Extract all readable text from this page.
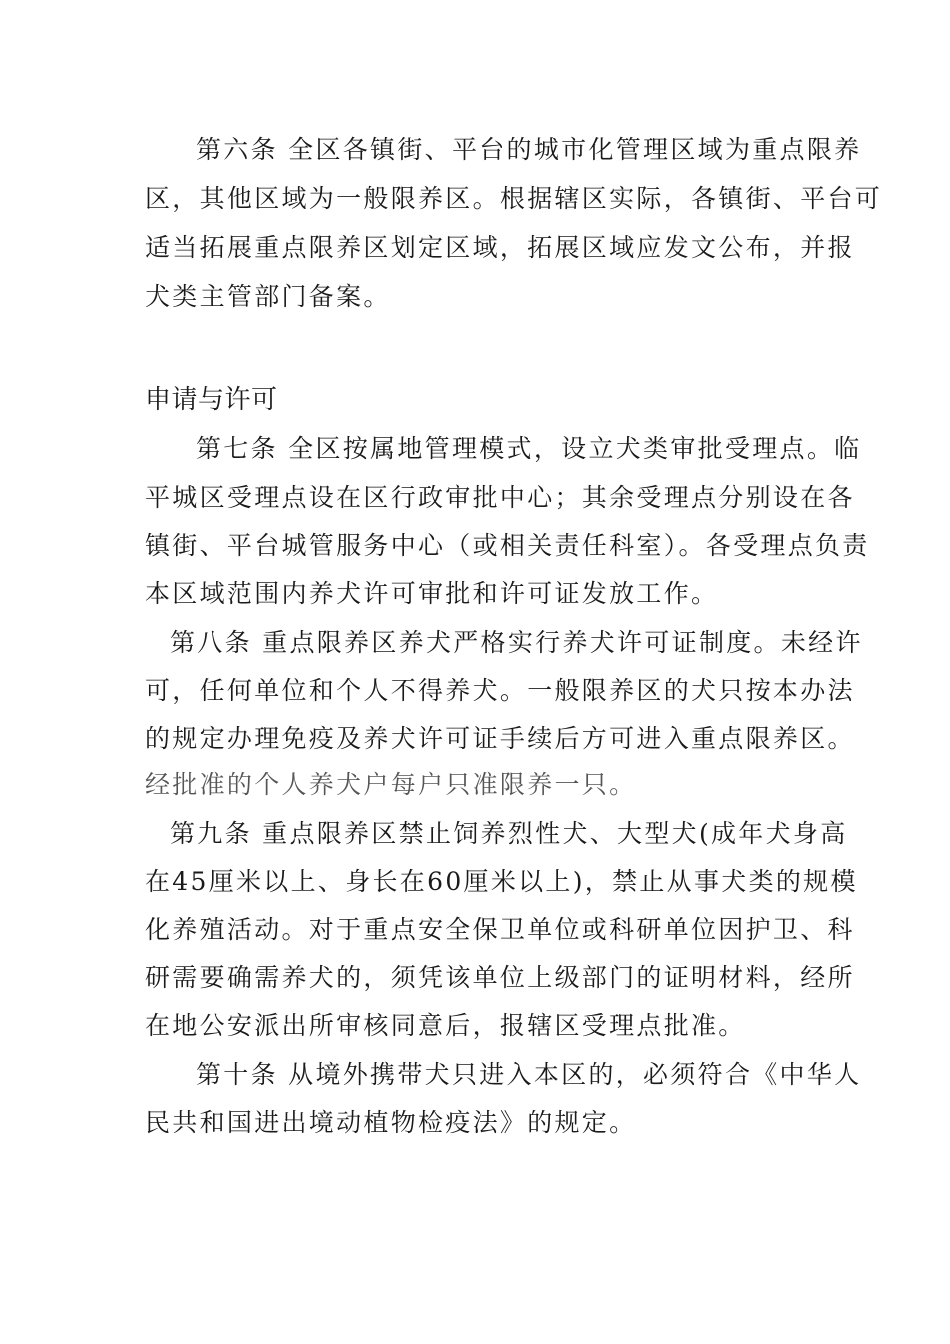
第六条 全区各镇街、平台的城市化管理区域为重点限养
区，其他区域为一般限养区。根据辖区实际，各镇街、平台可
适当拓展重点限养区划定区域，拓展区域应发文公布，并报
犬类主管部门备案。
申请与许可
第七条 全区按属地管理模式，设立犬类审批受理点。临
平城区受理点设在区行政审批中心；其余受理点分别设在各
镇街、平台城管服务中心（或相关责任科室）。各受理点负责
本区域范围内养犬许可审批和许可证发放工作。
第八条 重点限养区养犬严格实行养犬许可证制度。未经许
可，任何单位和个人不得养犬。一般限养区的犬只按本办法
的规定办理免疫及养犬许可证手续后方可进入重点限养区。
经批准的个人养犬户每户只准限养一只。
第九条 重点限养区禁止饲养烈性犬、大型犬(成年犬身高
在45厘米以上、身长在60厘米以上)，禁止从事犬类的规模
化养殖活动。对于重点安全保卫单位或科研单位因护卫、科
研需要确需养犬的，须凭该单位上级部门的证明材料，经所
在地公安派出所审核同意后，报辖区受理点批准。
第十条 从境外携带犬只进入本区的，必须符合《中华人
民共和国进出境动植物检疫法》的规定。
